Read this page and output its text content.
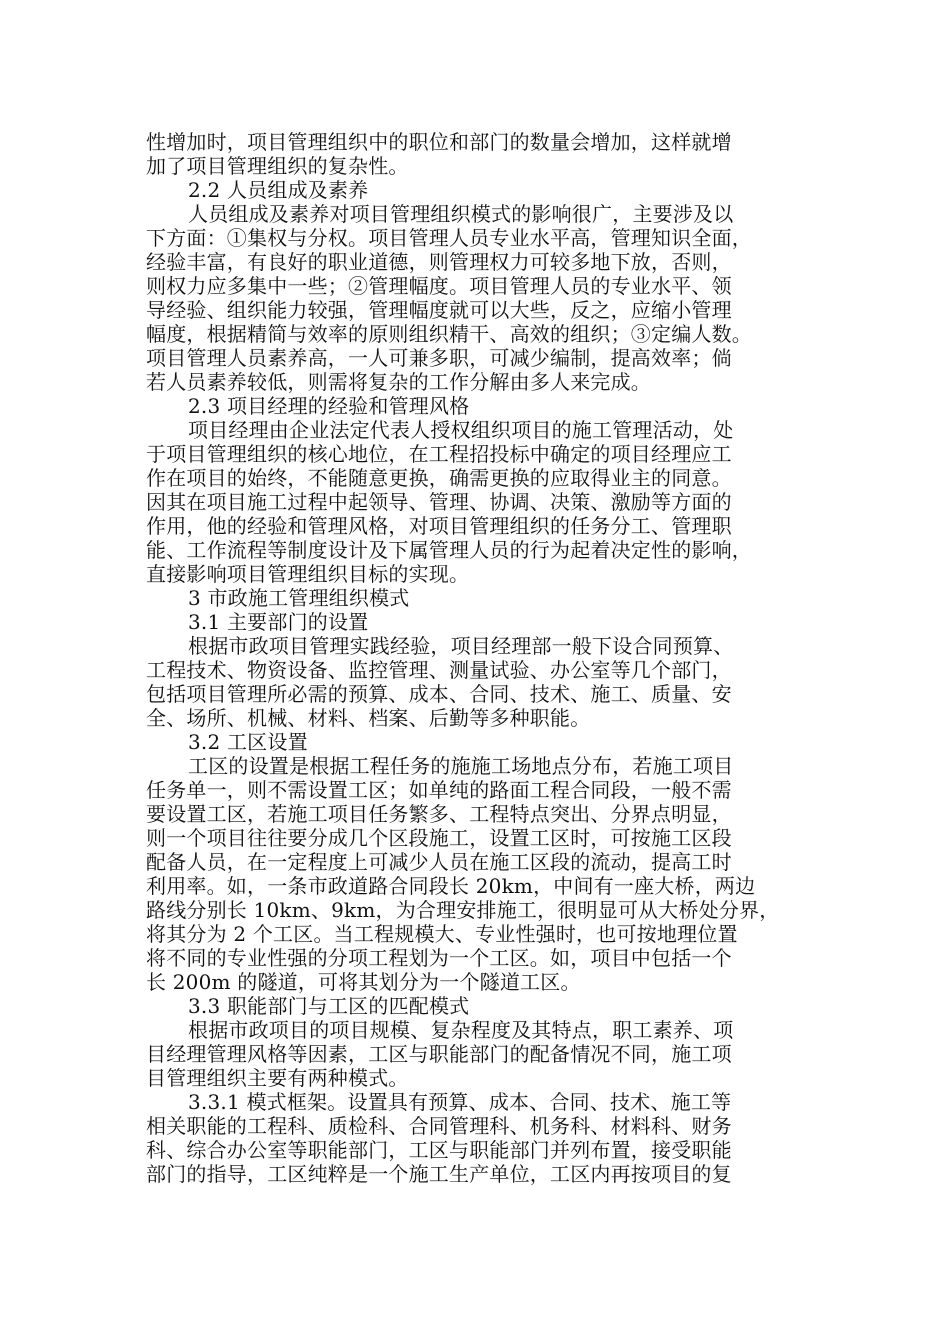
性增加时，项目管理组织中的职位和部门的数量会增加，这样就增
加了项目管理组织的复杂性。
2.2 人员组成及素养
人员组成及素养对项目管理组织模式的影响很广，主要涉及以
下方面：①集权与分权。项目管理人员专业水平高，管理知识全面，
经验丰富，有良好的职业道德，则管理权力可较多地下放，否则，
则权力应多集中一些；②管理幅度。项目管理人员的专业水平、领
导经验、组织能力较强，管理幅度就可以大些，反之，应缩小管理
幅度，根据精简与效率的原则组织精干、高效的组织；③定编人数。
项目管理人员素养高，一人可兼多职，可减少编制，提高效率；倘
若人员素养较低，则需将复杂的工作分解由多人来完成。
2.3 项目经理的经验和管理风格
项目经理由企业法定代表人授权组织项目的施工管理活动，处
于项目管理组织的核心地位，在工程招投标中确定的项目经理应工
作在项目的始终，不能随意更换，确需更换的应取得业主的同意。
因其在项目施工过程中起领导、管理、协调、决策、激励等方面的
作用，他的经验和管理风格，对项目管理组织的任务分工、管理职
能、工作流程等制度设计及下属管理人员的行为起着决定性的影响，
直接影响项目管理组织目标的实现。
3 市政施工管理组织模式
3.1 主要部门的设置
根据市政项目管理实践经验，项目经理部一般下设合同预算、
工程技术、物资设备、监控管理、测量试验、办公室等几个部门，
包括项目管理所必需的预算、成本、合同、技术、施工、质量、安
全、场所、机械、材料、档案、后勤等多种职能。
3.2 工区设置
工区的设置是根据工程任务的施施工场地点分布，若施工项目
任务单一，则不需设置工区；如单纯的路面工程合同段，一般不需
要设置工区，若施工项目任务繁多、工程特点突出、分界点明显，
则一个项目往往要分成几个区段施工，设置工区时，可按施工区段
配备人员，在一定程度上可减少人员在施工区段的流动，提高工时
利用率。如，一条市政道路合同段长 20km，中间有一座大桥，两边
路线分别长 10km、9km，为合理安排施工，很明显可从大桥处分界，
将其分为 2 个工区。当工程规模大、专业性强时，也可按地理位置
将不同的专业性强的分项工程划为一个工区。如，项目中包括一个
长 200m 的隧道，可将其划分为一个隧道工区。
3.3 职能部门与工区的匹配模式
根据市政项目的项目规模、复杂程度及其特点，职工素养、项
目经理管理风格等因素，工区与职能部门的配备情况不同，施工项
目管理组织主要有两种模式。
3.3.1 模式框架。设置具有预算、成本、合同、技术、施工等
相关职能的工程科、质检科、合同管理科、机务科、材料科、财务
科、综合办公室等职能部门，工区与职能部门并列布置，接受职能
部门的指导，工区纯粹是一个施工生产单位，工区内再按项目的复
